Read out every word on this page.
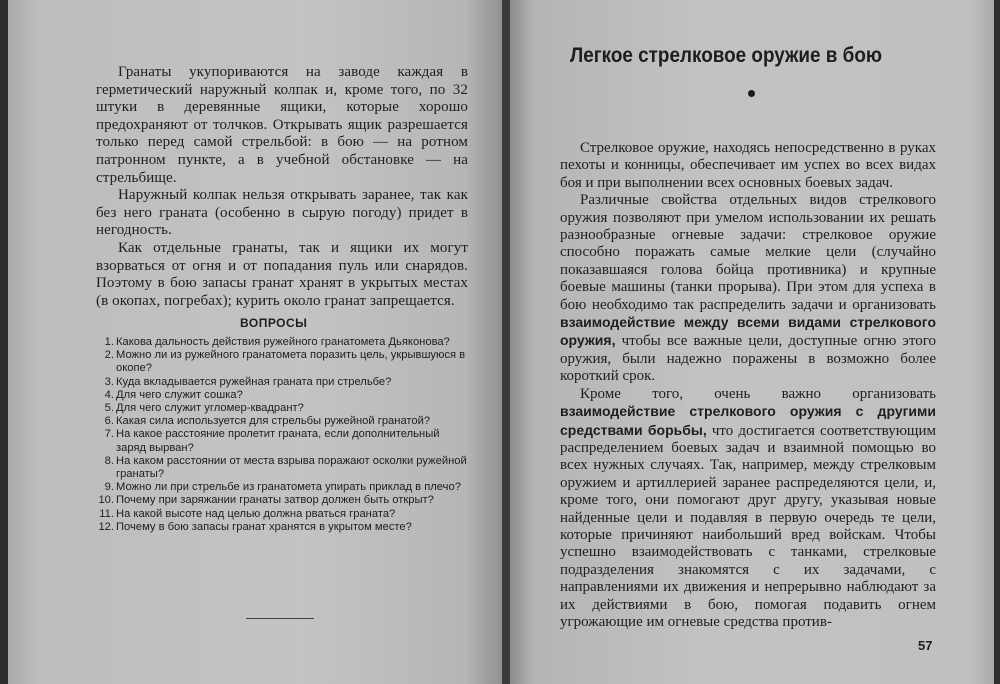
Гранаты укупориваются на заводе каждая в герметический наружный колпак и, кроме того, по 32 штуки в деревянные ящики, которые хорошо предохраняют от толчков. Открывать ящик разрешается только перед самой стрельбой: в бою — на ротном патронном пункте, а в учебной обстановке — на стрельбище.

Наружный колпак нельзя открывать заранее, так как без него граната (особенно в сырую погоду) придет в негодность.

Как отдельные гранаты, так и ящики их могут взорваться от огня и от попадания пуль или снарядов. Поэтому в бою запасы гранат хранят в укрытых местах (в окопах, погребах); курить около гранат запрещается.

ВОПРОСЫ
1. Какова дальность действия ружейного гранатомета Дьяконова?
2. Можно ли из ружейного гранатомета поразить цель, укрывшуюся в окопе?
3. Куда вкладывается ружейная граната при стрельбе?
4. Для чего служит сошка?
5. Для чего служит угломер-квадрант?
6. Какая сила используется для стрельбы ружейной гранатой?
7. На какое расстояние пролетит граната, если дополнительный заряд вырван?
8. На каком расстоянии от места взрыва поражают осколки ружейной гранаты?
9. Можно ли при стрельбе из гранатомета упирать приклад в плечо?
10. Почему при заряжании гранаты затвор должен быть открыт?
11. На какой высоте над целью должна рваться граната?
12. Почему в бою запасы гранат хранятся в укрытом месте?
Легкое стрелковое оружие в бою

Стрелковое оружие, находясь непосредственно в руках пехоты и конницы, обеспечивает им успех во всех видах боя и при выполнении всех основных боевых задач.

Различные свойства отдельных видов стрелкового оружия позволяют при умелом использовании их решать разнообразные огневые задачи: стрелковое оружие способно поражать самые мелкие цели (случайно показавшаяся голова бойца противника) и крупные боевые машины (танки прорыва). При этом для успеха в бою необходимо так распределить задачи и организовать взаимодействие между всеми видами стрелкового оружия, чтобы все важные цели, доступные огню этого оружия, были надежно поражены в возможно более короткий срок.

Кроме того, очень важно организовать взаимодействие стрелкового оружия с другими средствами борьбы, что достигается соответствующим распределением боевых задач и взаимной помощью во всех нужных случаях. Так, например, между стрелковым оружием и артиллерией заранее распределяются цели, и, кроме того, они помогают друг другу, указывая новые найденные цели и подавляя в первую очередь те цели, которые причиняют наибольший вред войскам. Чтобы успешно взаимодействовать с танками, стрелковые подразделения знакомятся с их задачами, с направлениями их движения и непрерывно наблюдают за их действиями в бою, помогая подавить огнем угрожающие им огневые средства против-

57
